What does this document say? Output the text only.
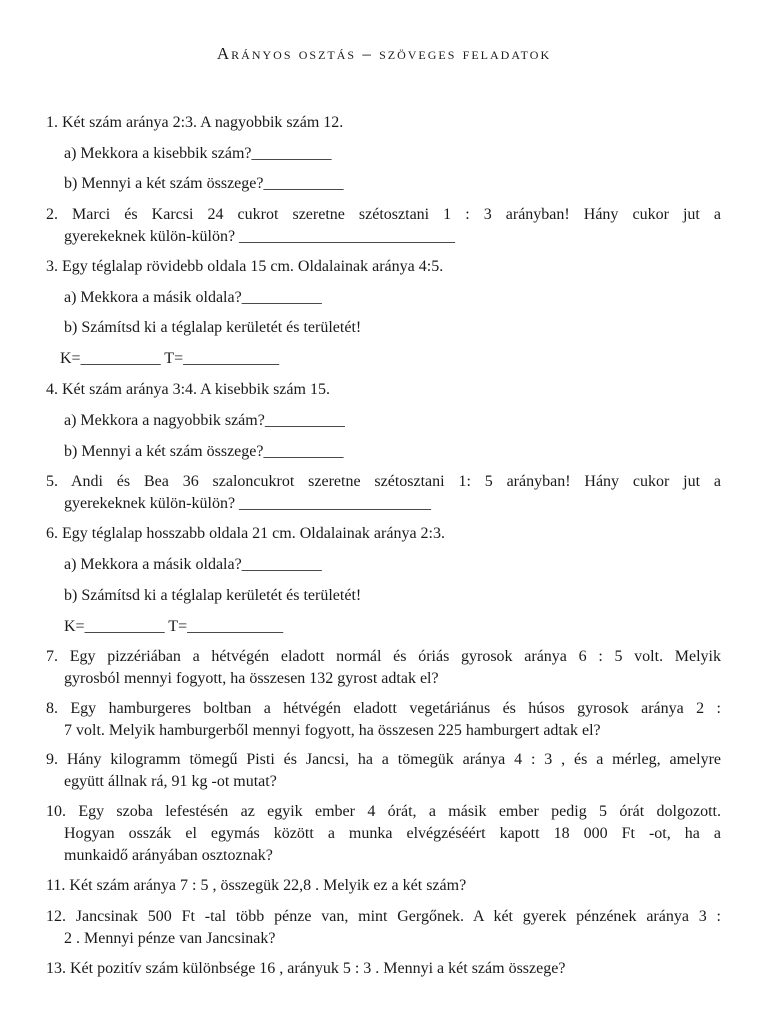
Arányos osztás – szöveges feladatok
1. Két szám aránya 2:3. A nagyobbik szám 12.
a) Mekkora a kisebbik szám?__________
b) Mennyi a két szám összege?__________
2. Marci és Karcsi 24 cukrot szeretne szétosztani 1 : 3 arányban! Hány cukor jut a
gyerekeknek külön-külön? ___________________________
3. Egy téglalap rövidebb oldala 15 cm. Oldalainak aránya 4:5.
a) Mekkora a másik oldala?__________
b) Számítsd ki a téglalap kerületét és területét!
K=__________ T=____________
4. Két szám aránya 3:4. A kisebbik szám 15.
a) Mekkora a nagyobbik szám?__________
b) Mennyi a két szám összege?__________
5. Andi és Bea 36 szaloncukrot szeretne szétosztani 1: 5 arányban! Hány cukor jut a
gyerekeknek külön-külön? ________________________
6. Egy téglalap hosszabb oldala 21 cm. Oldalainak aránya 2:3.
a) Mekkora a másik oldala?__________
b) Számítsd ki a téglalap kerületét és területét!
K=__________ T=____________
7. Egy pizzériában a hétvégén eladott normál és óriás gyrosok aránya 6 : 5 volt. Melyik
gyrosból mennyi fogyott, ha összesen 132 gyrost adtak el?
8. Egy hamburgeres boltban a hétvégén eladott vegetáriánus és húsos gyrosok aránya 2 :
7 volt. Melyik hamburgerből mennyi fogyott, ha összesen 225 hamburgert adtak el?
9. Hány kilogramm tömegű Pisti és Jancsi, ha a tömegük aránya 4 : 3 , és a mérleg, amelyre
együtt állnak rá, 91 kg -ot mutat?
10. Egy szoba lefestésén az egyik ember 4 órát, a másik ember pedig 5 órát dolgozott.
Hogyan osszák el egymás között a munka elvégzéséért kapott 18 000 Ft -ot, ha a
munkaidő arányában osztoznak?
11. Két szám aránya 7 : 5 , összegük 22,8 . Melyik ez a két szám?
12. Jancsinak 500 Ft -tal több pénze van, mint Gergőnek. A két gyerek pénzének aránya 3 :
2 . Mennyi pénze van Jancsinak?
13. Két pozitív szám különbsége 16 , arányuk 5 : 3 . Mennyi a két szám összege?
